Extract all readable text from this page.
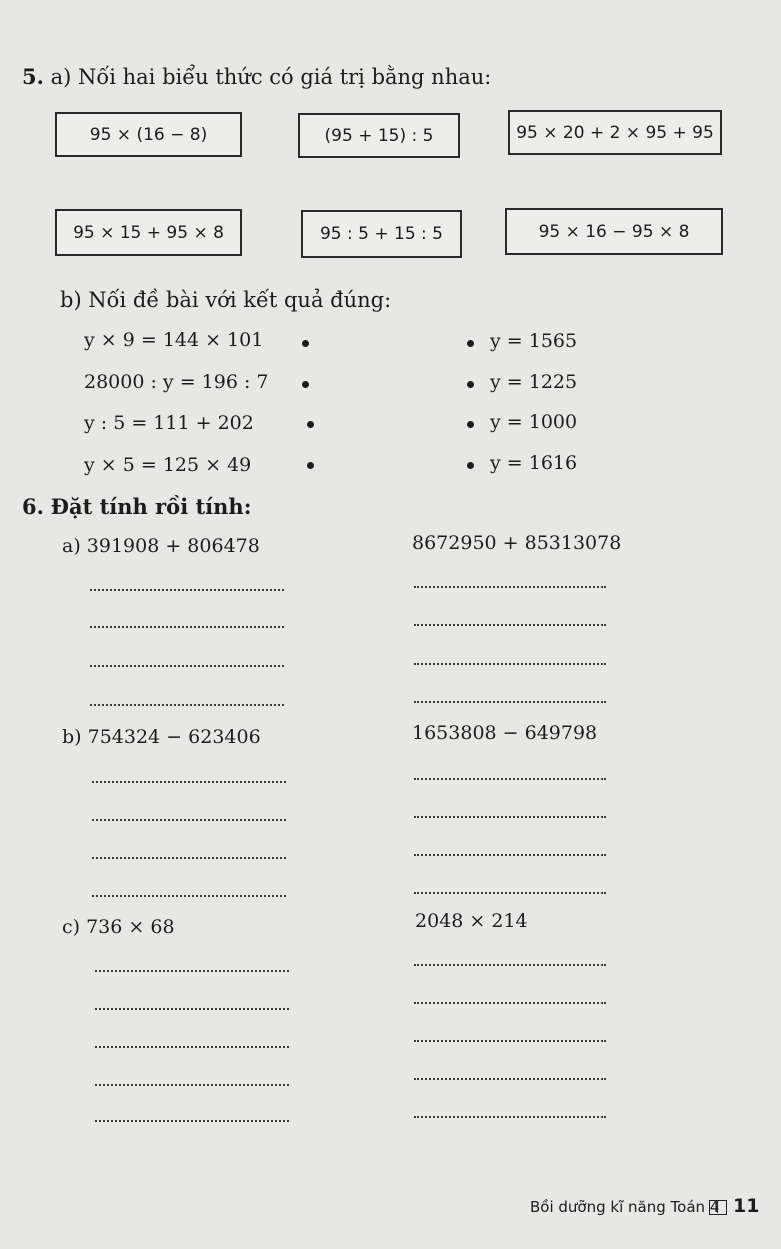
5. a) Nối hai biểu thức có giá trị bằng nhau:
95 × (16 − 8)	(95 + 15) : 5	95 × 20 + 2 × 95 + 95
95 × 15 + 95 × 8	95 : 5 + 15 : 5	95 × 16 − 95 × 8
b) Nối đề bài với kết quả đúng:
y × 9 = 144 × 101
28000 : y = 196 : 7
y : 5 = 111 + 202
y × 5 = 125 × 49
y = 1565
y = 1225
y = 1000
y = 1616
6. Đặt tính rồi tính:
a) 391908 + 806478	8672950 + 85313078
b) 754324 − 623406	1653808 − 649798
c) 736 × 68	2048 × 214
Bồi dưỡng kĩ năng Toán 4 11
